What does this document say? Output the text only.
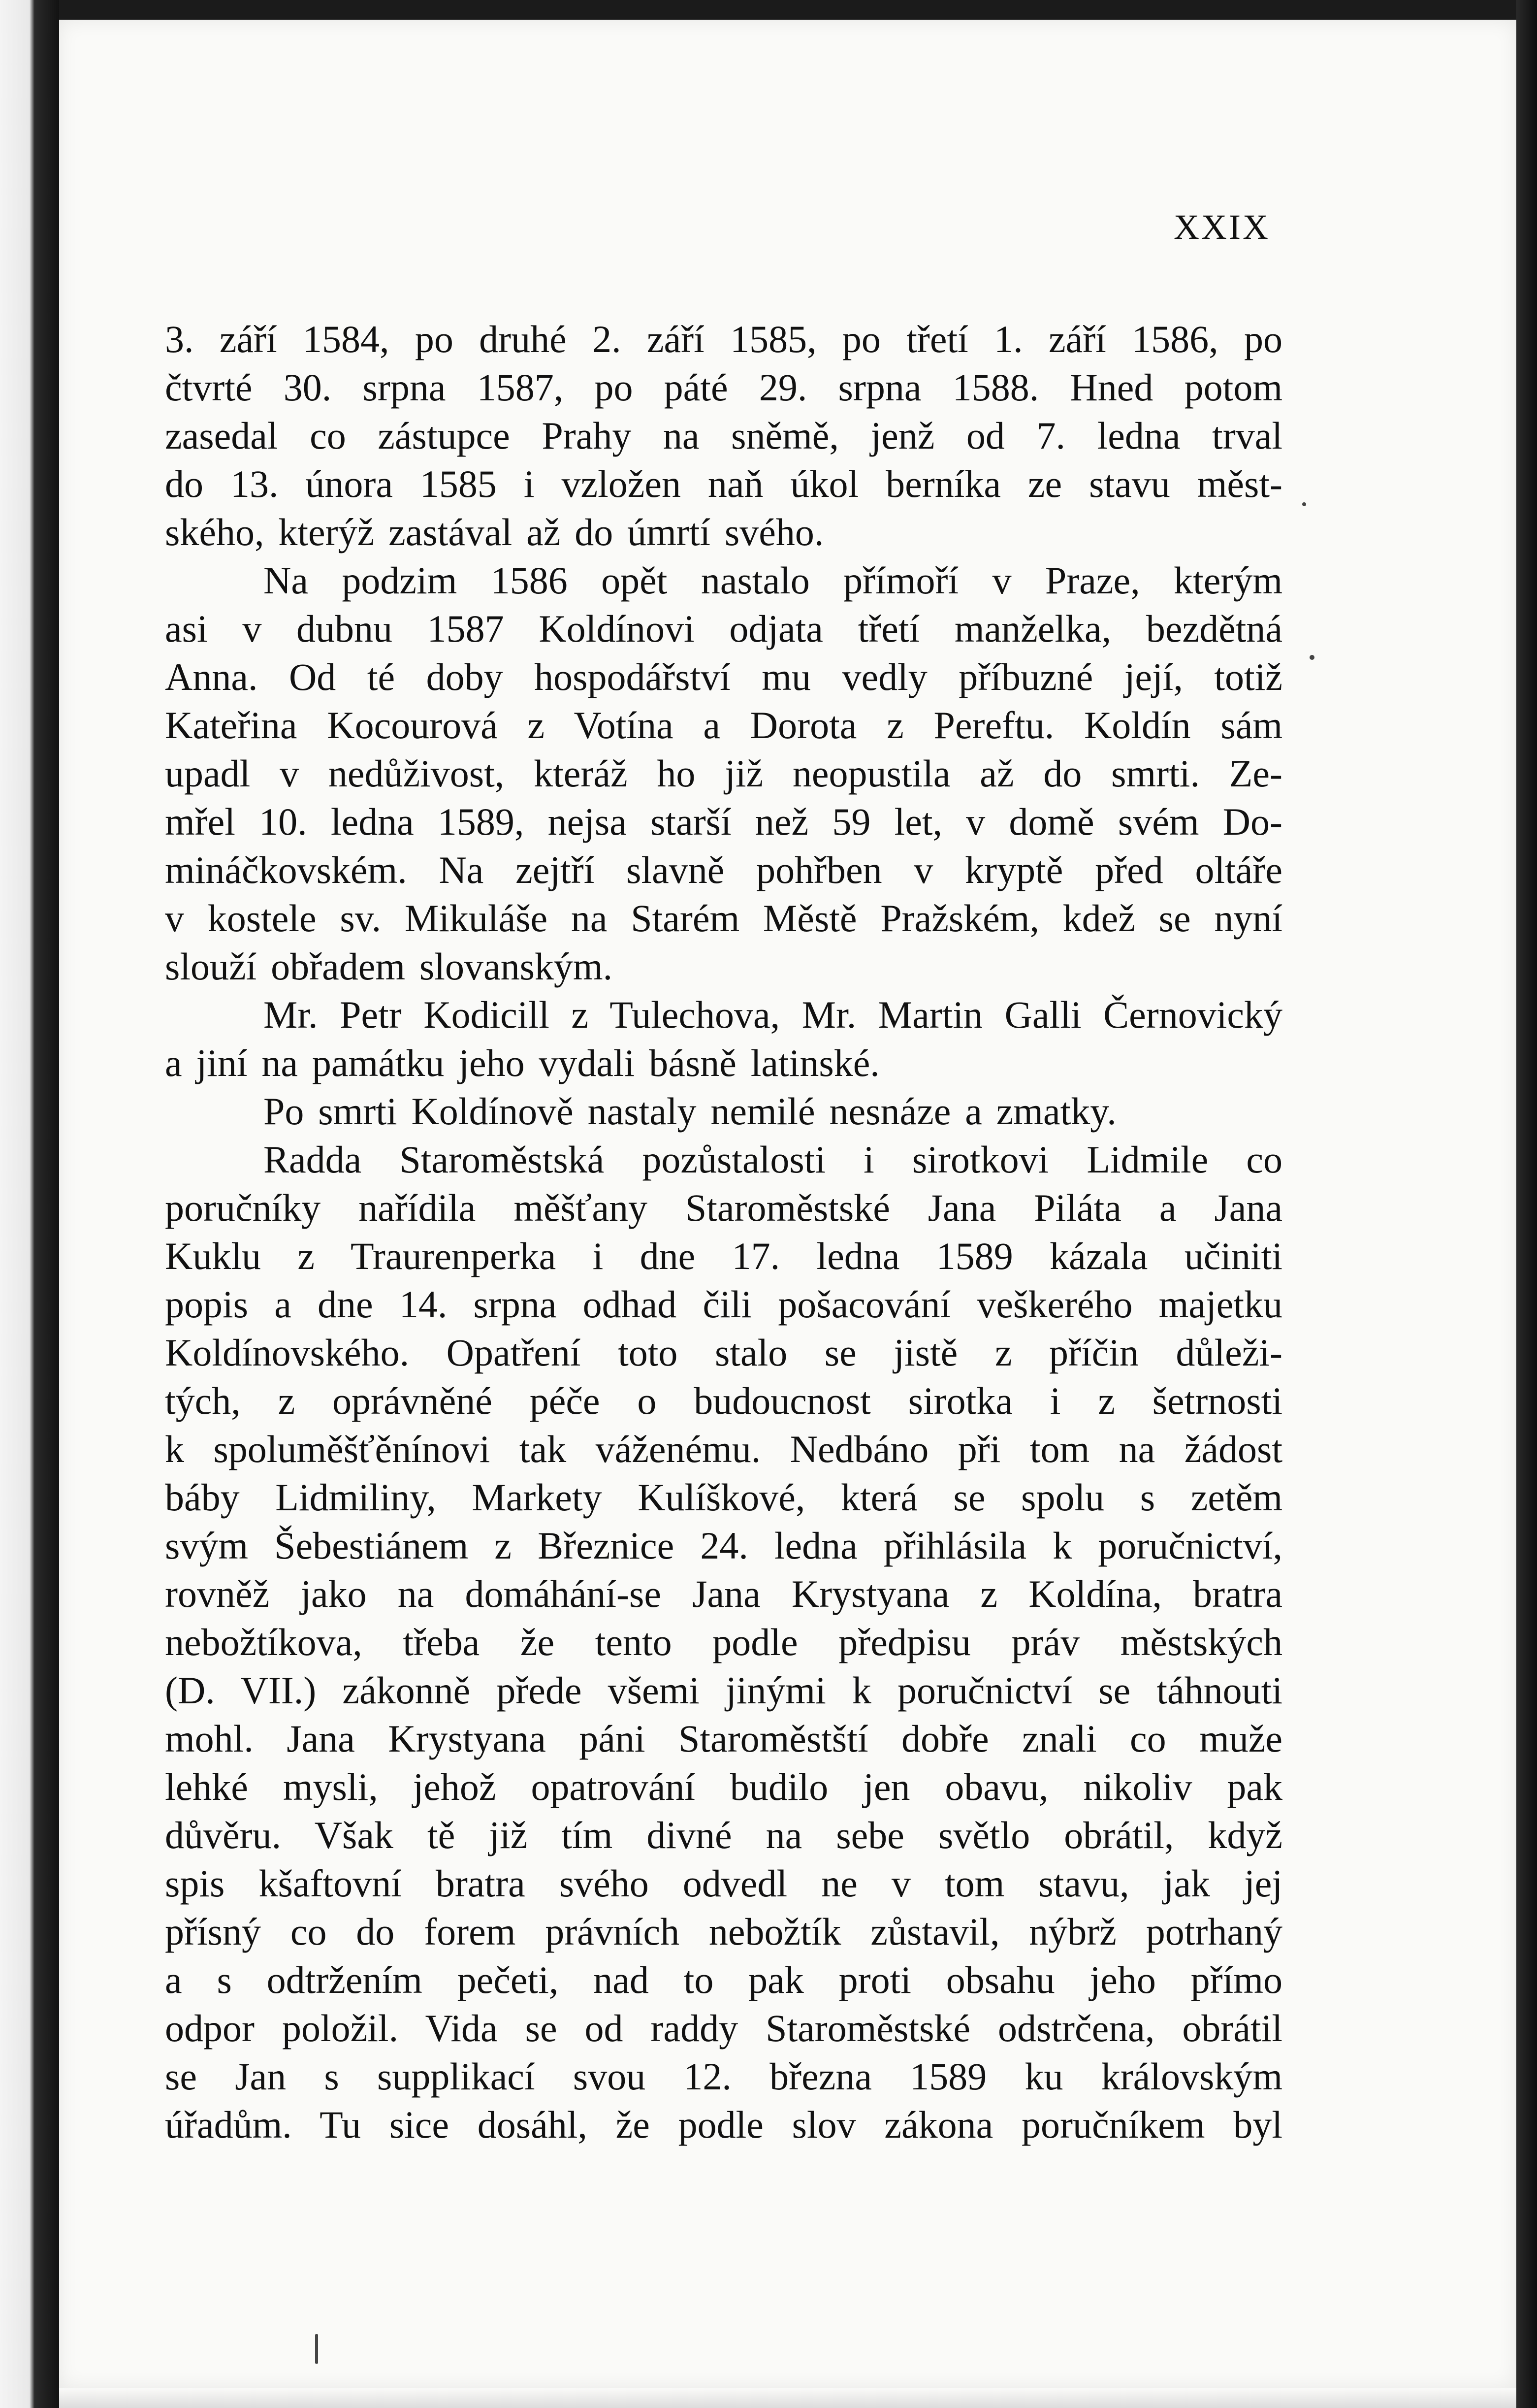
XXIX
3. září 1584, po druhé 2. září 1585, po třetí 1. září 1586, po
čtvrté 30. srpna 1587, po páté 29. srpna 1588. Hned potom
zasedal co zástupce Prahy na sněmě, jenž od 7. ledna trval
do 13. února 1585 i vzložen naň úkol berníka ze stavu měst-
ského, kterýž zastával až do úmrtí svého.
Na podzim 1586 opět nastalo přímoří v Praze, kterým
asi v dubnu 1587 Koldínovi odjata třetí manželka, bezdětná
Anna. Od té doby hospodářství mu vedly příbuzné její, totiž
Kateřina Kocourová z Votína a Dorota z Pereftu. Koldín sám
upadl v nedůživost, kteráž ho již neopustila až do smrti. Ze-
mřel 10. ledna 1589, nejsa starší než 59 let, v domě svém Do-
mináčkovském. Na zejtří slavně pohřben v kryptě před oltáře
v kostele sv. Mikuláše na Starém Městě Pražském, kdež se nyní
slouží obřadem slovanským.
Mr. Petr Kodicill z Tulechova, Mr. Martin Galli Černovický
a jiní na památku jeho vydali básně latinské.
Po smrti Koldínově nastaly nemilé nesnáze a zmatky.
Radda Staroměstská pozůstalosti i sirotkovi Lidmile co
poručníky nařídila měšťany Staroměstské Jana Piláta a Jana
Kuklu z Traurenperka i dne 17. ledna 1589 kázala učiniti
popis a dne 14. srpna odhad čili pošacování veškerého majetku
Koldínovského. Opatření toto stalo se jistě z příčin důleži-
tých, z oprávněné péče o budoucnost sirotka i z šetrnosti
k spoluměšťěnínovi tak váženému. Nedbáno při tom na žádost
báby Lidmiliny, Markety Kulíškové, která se spolu s zetěm
svým Šebestiánem z Březnice 24. ledna přihlásila k poručnictví,
rovněž jako na domáhání-se Jana Krystyana z Koldína, bratra
nebožtíkova, třeba že tento podle předpisu práv městských
(D. VII.) zákonně přede všemi jinými k poručnictví se táhnouti
mohl. Jana Krystyana páni Staroměstští dobře znali co muže
lehké mysli, jehož opatrování budilo jen obavu, nikoliv pak
důvěru. Však tě již tím divné na sebe světlo obrátil, když
spis kšaftovní bratra svého odvedl ne v tom stavu, jak jej
přísný co do forem právních nebožtík zůstavil, nýbrž potrhaný
a s odtržením pečeti, nad to pak proti obsahu jeho přímo
odpor položil. Vida se od raddy Staroměstské odstrčena, obrátil
se Jan s supplikací svou 12. března 1589 ku královským
úřadům. Tu sice dosáhl, že podle slov zákona poručníkem byl
